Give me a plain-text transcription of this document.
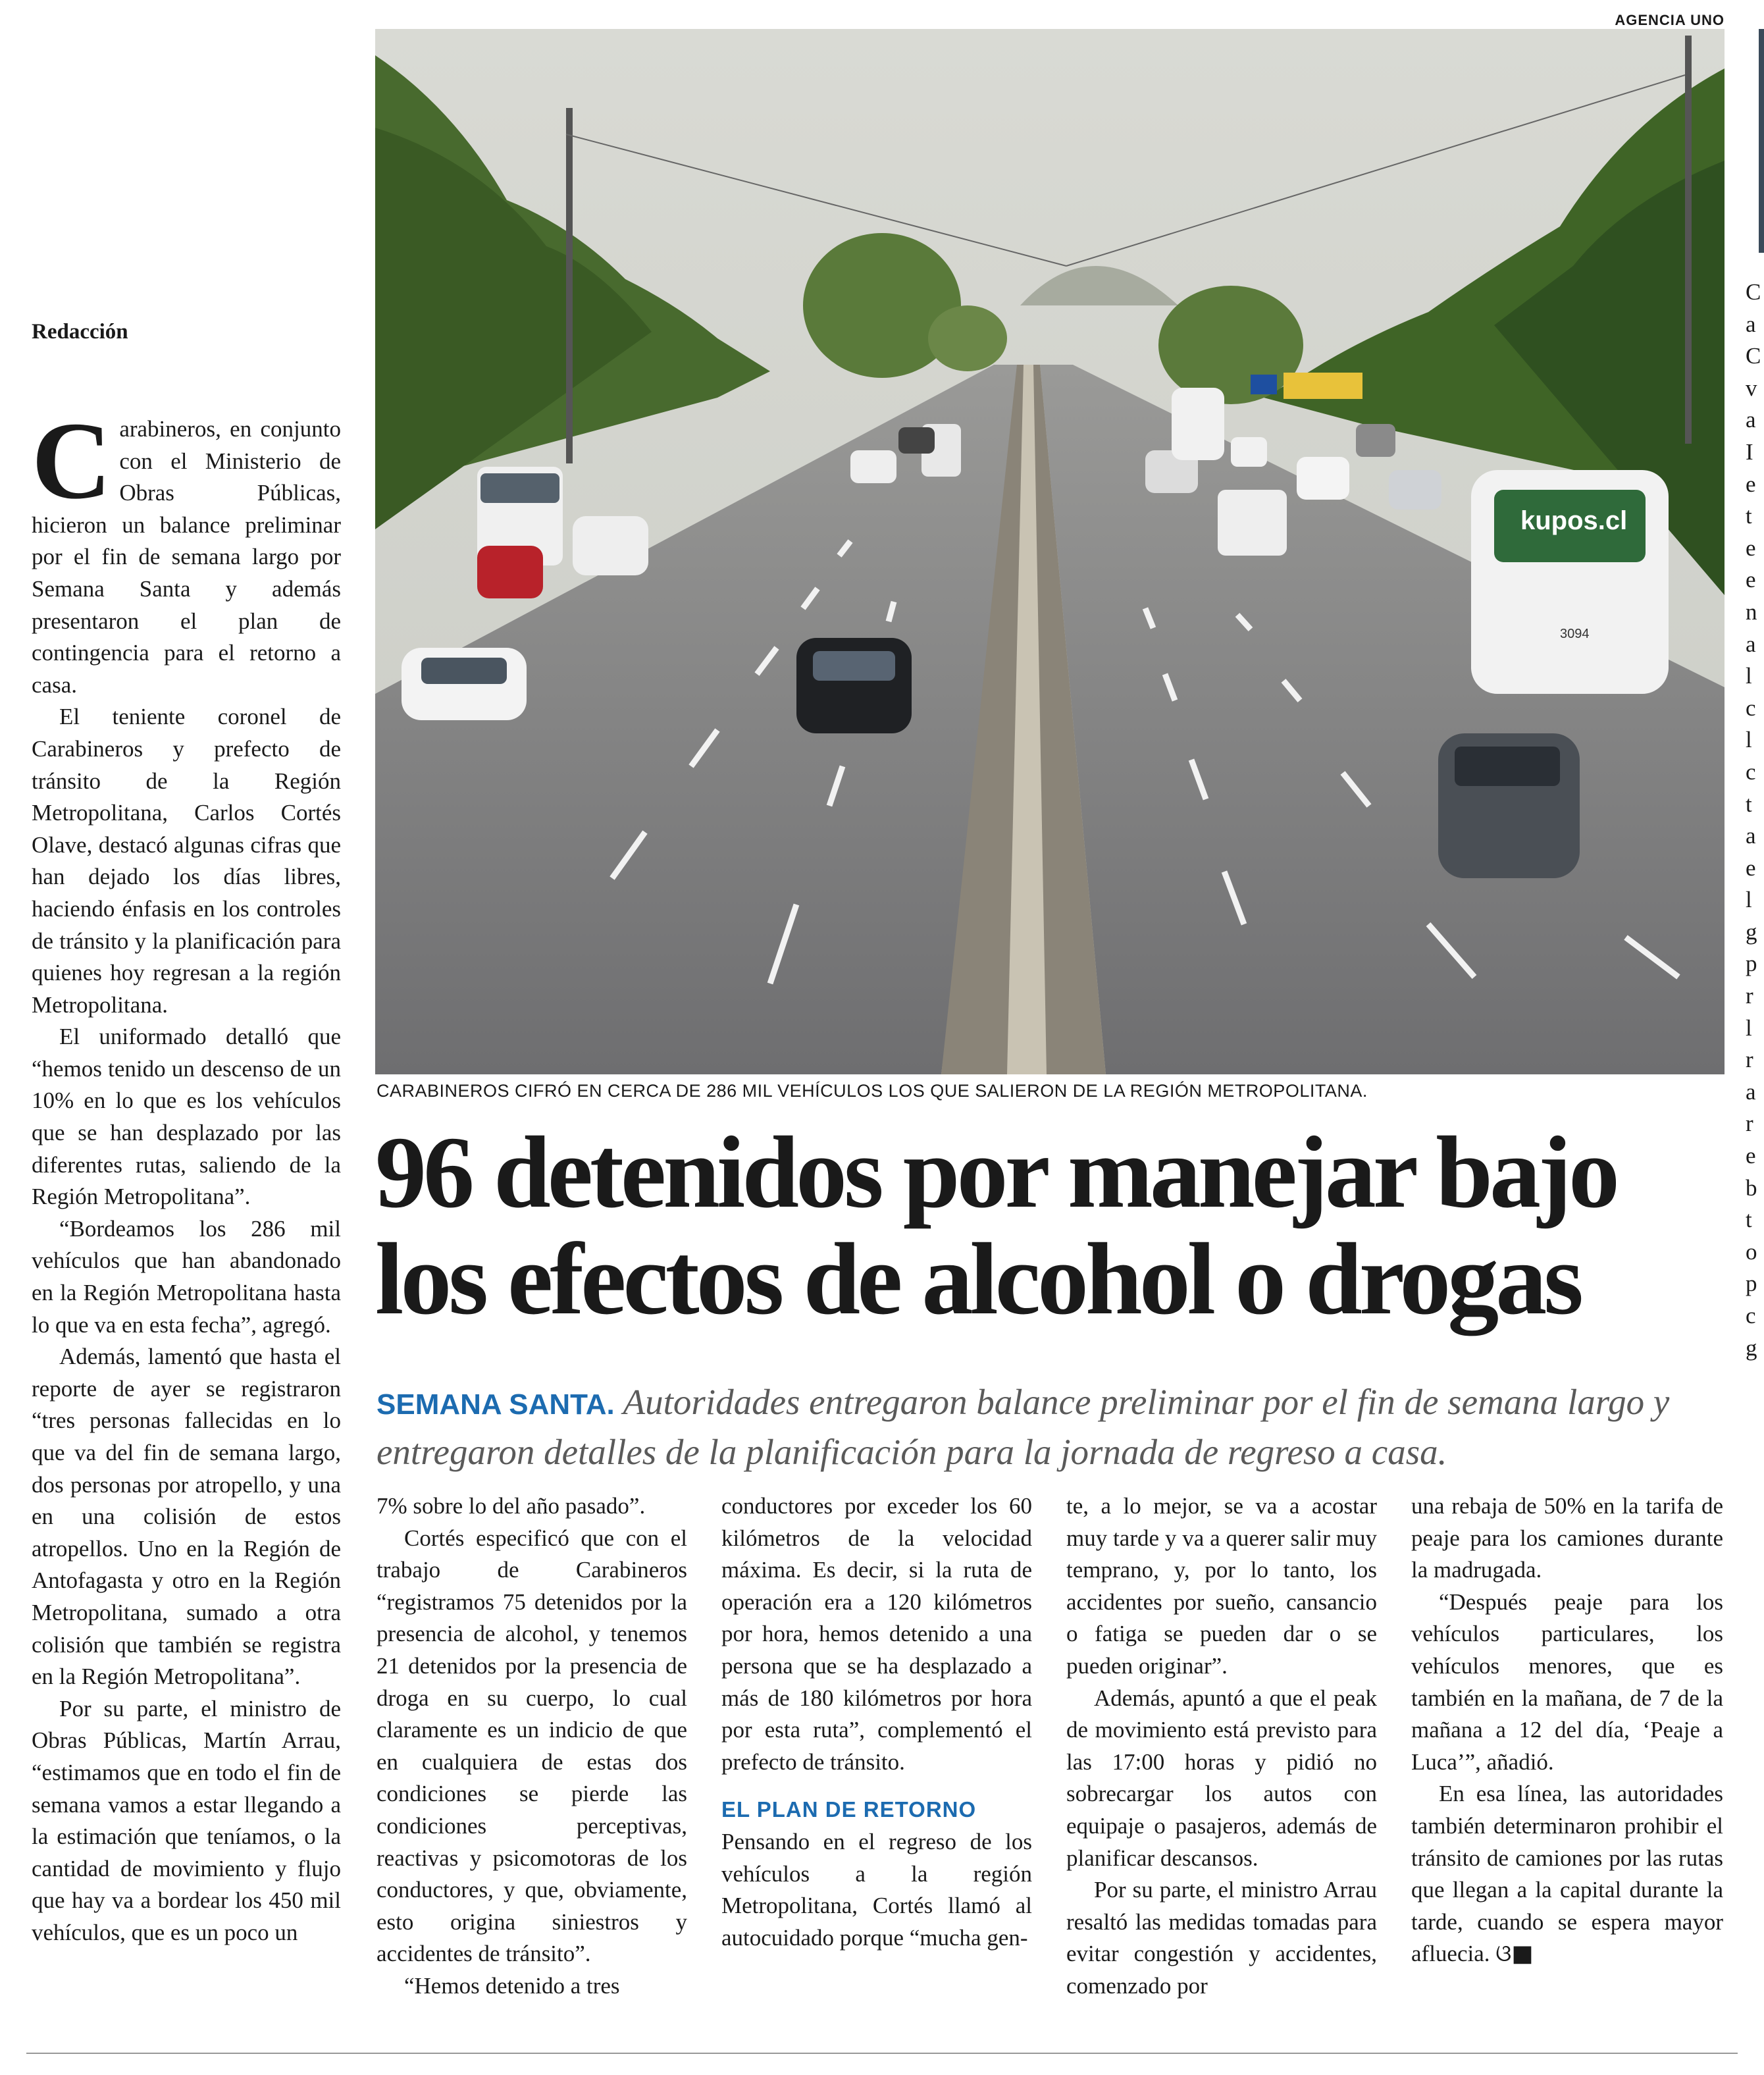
AGENCIA UNO
kupos.cl
3094
CARABINEROS CIFRÓ EN CERCA DE 286 MIL VEHÍCULOS LOS QUE SALIERON DE LA REGIÓN METROPOLITANA.
96 detenidos por manejar bajo
los efectos de alcohol o drogas
SEMANA SANTA. Autoridades entregaron balance preliminar por el fin de semana largo y entregaron detalles de la planificación para la jornada de regreso a casa.
Redacción

Carabineros, en conjunto con el Ministerio de Obras Públicas, hicieron un balance preliminar por el fin de semana largo por Semana Santa y además presentaron el plan de contingencia para el retorno a casa.

El teniente coronel de Carabineros y prefecto de tránsito de la Región Metropolitana, Carlos Cortés Olave, destacó algunas cifras que han dejado los días libres, haciendo énfasis en los controles de tránsito y la planificación para quienes hoy regresan a la región Metropolitana.

El uniformado detalló que “hemos tenido un descenso de un 10% en lo que es los vehículos que se han desplazado por las diferentes rutas, saliendo de la Región Metropolitana”.

“Bordeamos los 286 mil vehículos que han abandonado en la Región Metropolitana hasta lo que va en esta fecha”, agregó.

Además, lamentó que hasta el reporte de ayer se registraron “tres personas fallecidas en lo que va del fin de semana largo, dos personas por atropello, y una en una colisión de estos atropellos. Uno en la Región de Antofagasta y otro en la Región Metropolitana, sumado a otra colisión que también se registra en la Región Metropolitana”.

Por su parte, el ministro de Obras Públicas, Martín Arrau, “estimamos que en todo el fin de semana vamos a estar llegando a la estimación que teníamos, o la cantidad de movimiento y flujo que hay va a bordear los 450 mil vehículos, que es un poco un

7% sobre lo del año pasado”.

Cortés especificó que con el trabajo de Carabineros “registramos 75 detenidos por la presencia de alcohol, y tenemos 21 detenidos por la presencia de droga en su cuerpo, lo cual claramente es un indicio de que en cualquiera de estas dos condiciones se pierde las condiciones perceptivas, reactivas y psicomotoras de los conductores, y que, obviamente, esto origina siniestros y accidentes de tránsito”.

“Hemos detenido a tres

conductores por exceder los 60 kilómetros de la velocidad máxima. Es decir, si la ruta de operación era a 120 kilómetros por hora, hemos detenido a una persona que se ha desplazado a más de 180 kilómetros por hora por esta ruta”, complementó el prefecto de tránsito.

EL PLAN DE RETORNO

Pensando en el regreso de los vehículos a la región Metropolitana, Cortés llamó al autocuidado porque “mucha gen-

te, a lo mejor, se va a acostar muy tarde y va a querer salir muy temprano, y, por lo tanto, los accidentes por sueño, cansancio o fatiga se pueden dar o se pueden originar”.

Además, apuntó a que el peak de movimiento está previsto para las 17:00 horas y pidió no sobrecargar los autos con equipaje o pasajeros, además de planificar descansos.

Por su parte, el ministro Arrau resaltó las medidas tomadas para evitar congestión y accidentes, comenzado por

una rebaja de 50% en la tarifa de peaje para los camiones durante la madrugada.

“Después peaje para los vehículos particulares, los vehículos menores, que es también en la mañana, de 7 de la mañana a 12 del día, ‘Peaje a Luca’”, añadió.

En esa línea, las autoridades también determinaron prohibir el tránsito de camiones por las rutas que llegan a la capital durante la tarde, cuando se espera mayor afluecia. ଓ■

C a C v a
I
e t e e n
a l c l c
t a e l
g p r l
r a r
e b
t o p c g
